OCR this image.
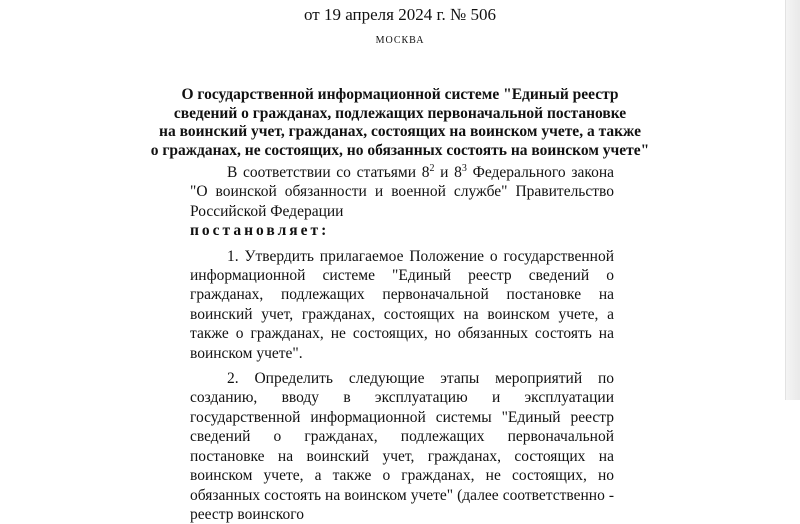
от 19 апреля 2024 г. № 506
МОСКВА
О государственной информационной системе "Единый реестр
сведений о гражданах, подлежащих первоначальной постановке
на воинский учет, гражданах, состоящих на воинском учете, а также
о гражданах, не состоящих, но обязанных состоять на воинском учете"

В соответствии со статьями $8^2$ и $8^3$ Федерального закона "О воинской обязанности и военной службе" Правительство Российской Федерации
постановляет:

1. Утвердить прилагаемое Положение о государственной информационной системе "Единый реестр сведений о гражданах, подлежащих первоначальной постановке на воинский учет, гражданах, состоящих на воинском учете, а также о гражданах, не состоящих, но обязанных состоять на воинском учете".

2. Определить следующие этапы мероприятий по созданию, вводу в эксплуатацию и эксплуатации государственной информационной системы "Единый реестр сведений о гражданах, подлежащих первоначальной постановке на воинский учет, гражданах, состоящих на воинском учете, а также о гражданах, не состоящих, но обязанных состоять на воинском учете" (далее соответственно - реестр воинского
